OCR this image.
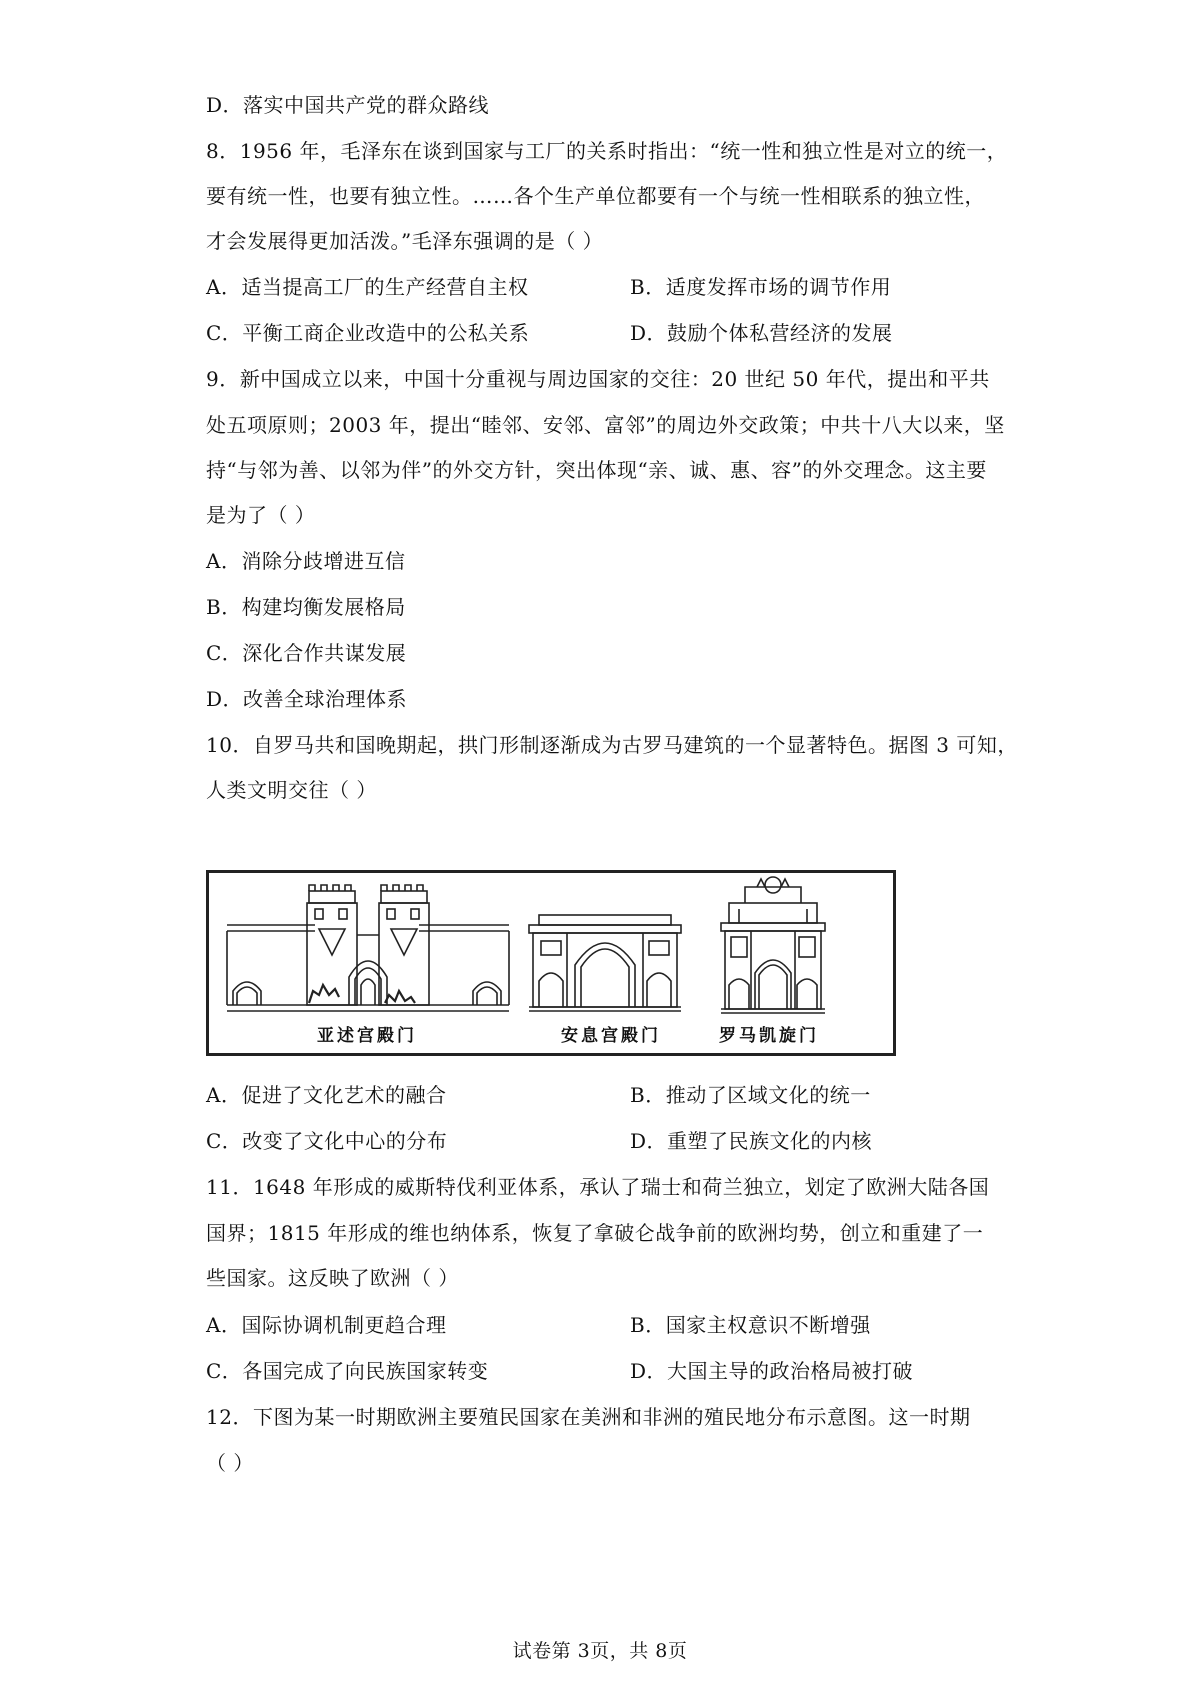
D．落实中国共产党的群众路线
8．1956 年，毛泽东在谈到国家与工厂的关系时指出：“统一性和独立性是对立的统一，
要有统一性，也要有独立性。……各个生产单位都要有一个与统一性相联系的独立性，
才会发展得更加活泼。”毛泽东强调的是（ ）
A．适当提高工厂的生产经营自主权	B．适度发挥市场的调节作用
C．平衡工商企业改造中的公私关系	D．鼓励个体私营经济的发展
9．新中国成立以来，中国十分重视与周边国家的交往：20 世纪 50 年代，提出和平共
处五项原则；2003 年，提出“睦邻、安邻、富邻”的周边外交政策；中共十八大以来，坚
持“与邻为善、以邻为伴”的外交方针，突出体现“亲、诚、惠、容”的外交理念。这主要
是为了（ ）
A．消除分歧增进互信
B．构建均衡发展格局
C．深化合作共谋发展
D．改善全球治理体系
10．自罗马共和国晚期起，拱门形制逐渐成为古罗马建筑的一个显著特色。据图 3 可知，
人类文明交往（ ）
亚述宫殿门	安息宫殿门	罗马凯旋门
A．促进了文化艺术的融合	B．推动了区域文化的统一
C．改变了文化中心的分布	D．重塑了民族文化的内核
11．1648 年形成的威斯特伐利亚体系，承认了瑞士和荷兰独立，划定了欧洲大陆各国
国界；1815 年形成的维也纳体系，恢复了拿破仑战争前的欧洲均势，创立和重建了一
些国家。这反映了欧洲（ ）
A．国际协调机制更趋合理	B．国家主权意识不断增强
C．各国完成了向民族国家转变	D．大国主导的政治格局被打破
12．下图为某一时期欧洲主要殖民国家在美洲和非洲的殖民地分布示意图。这一时期
（ ）
试卷第 3页，共 8页
